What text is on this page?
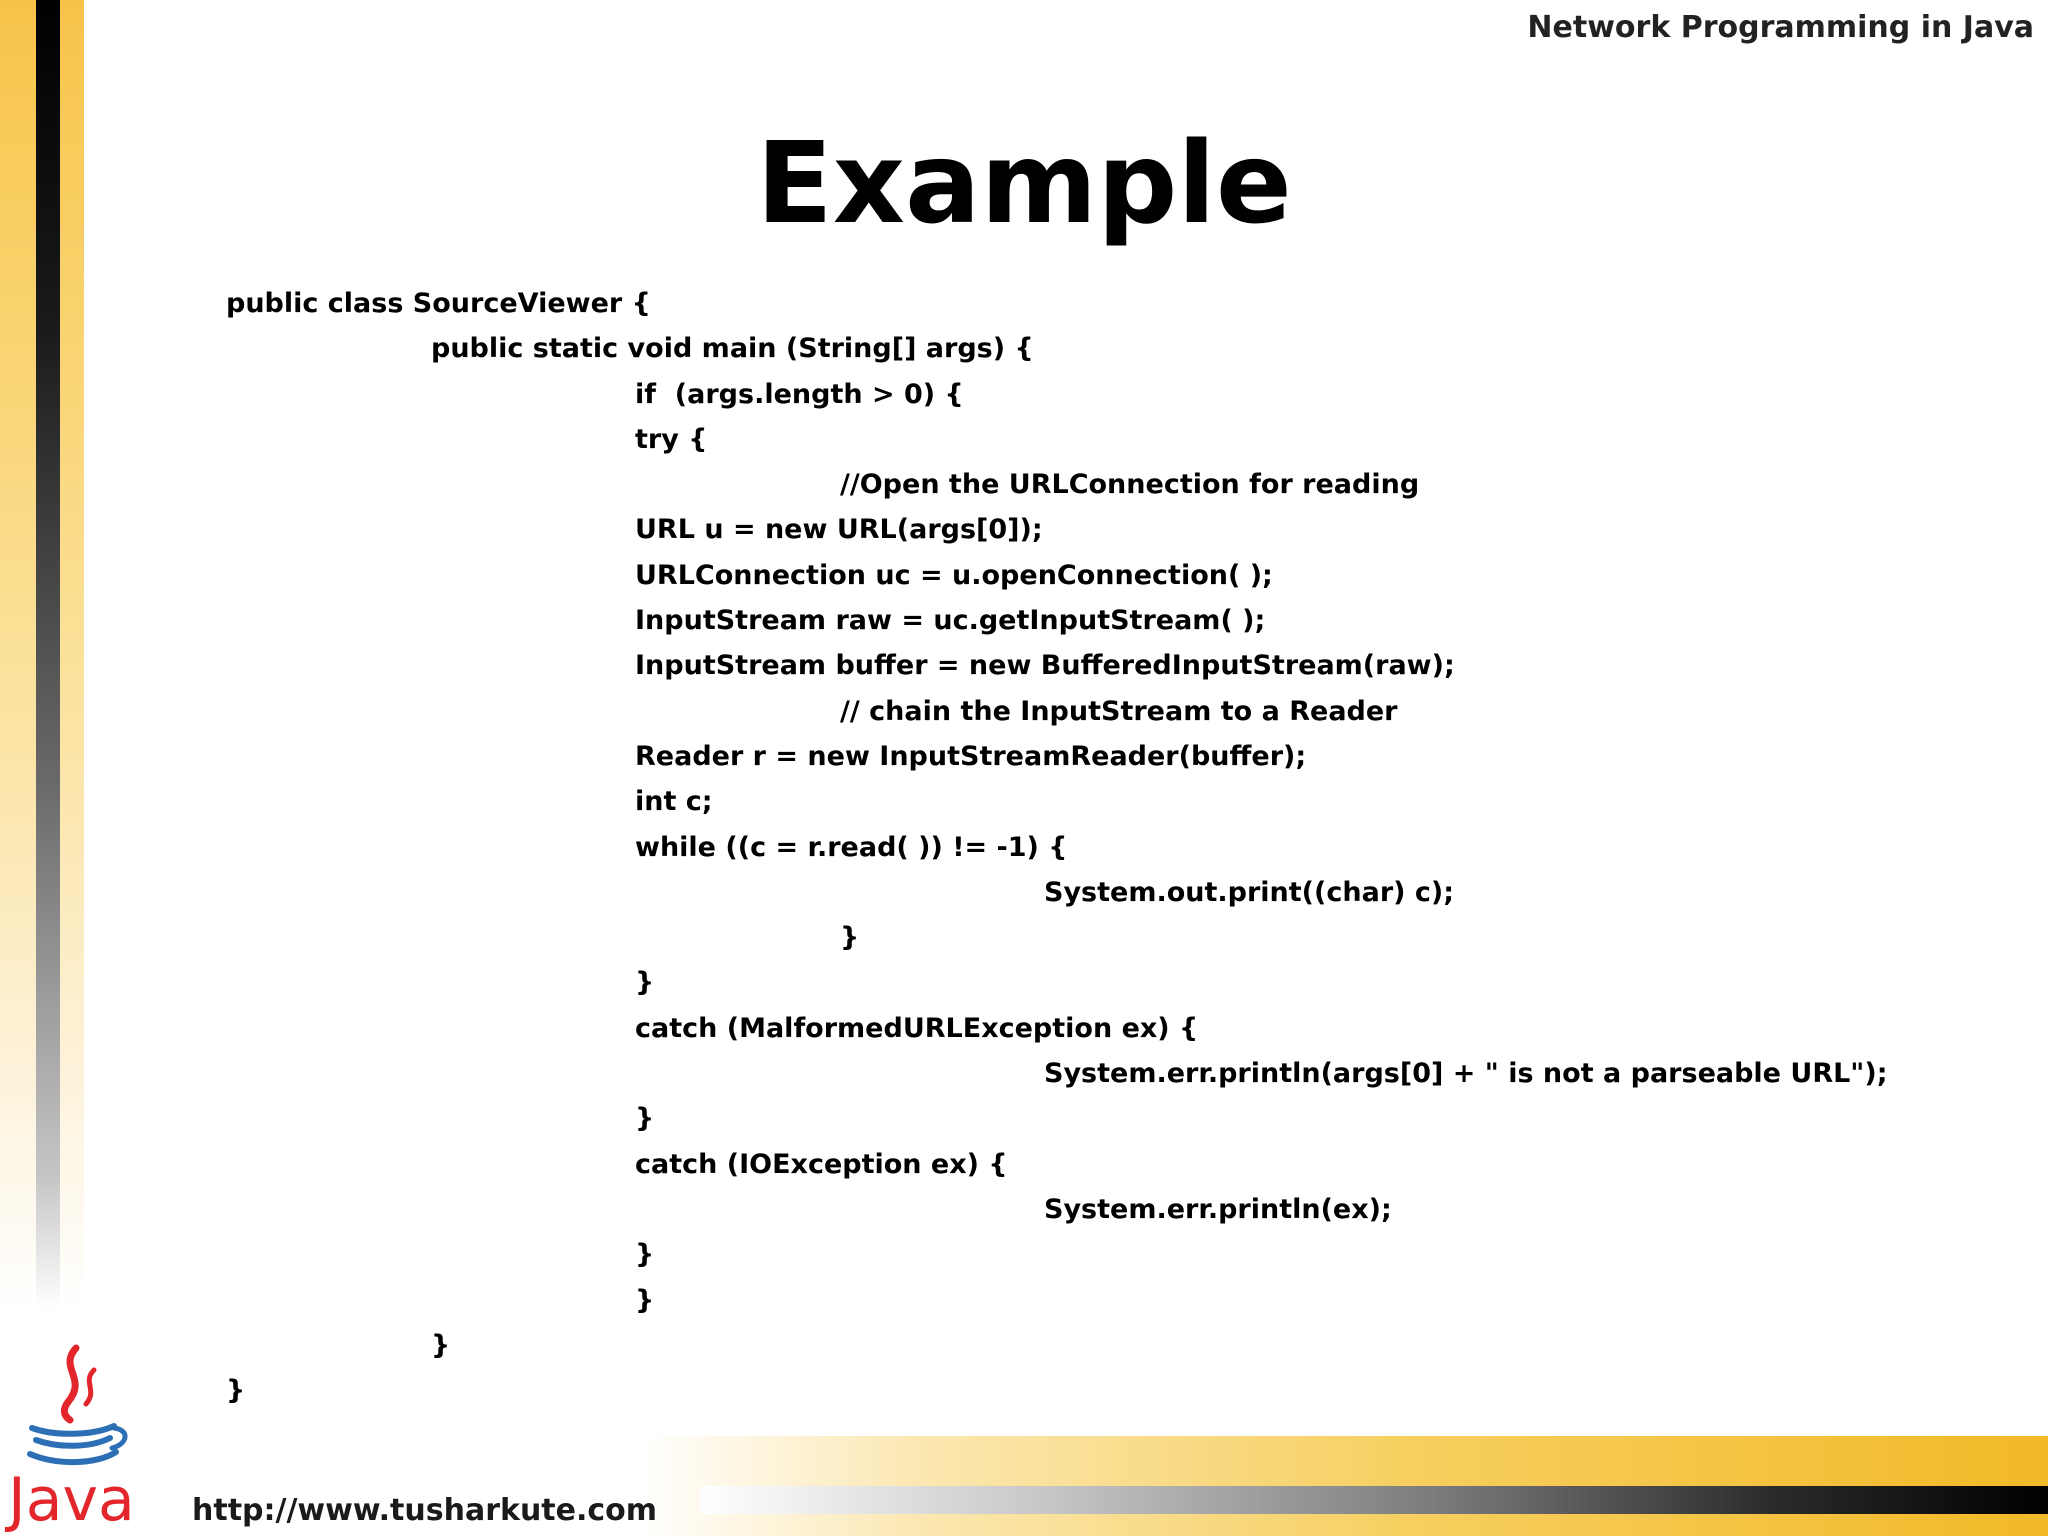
Network Programming in Java
Example
public class SourceViewer {
public static void main (String[] args) {
if  (args.length > 0) {
try {
//Open the URLConnection for reading
URL u = new URL(args[0]);
URLConnection uc = u.openConnection( );
InputStream raw = uc.getInputStream( );
InputStream buffer = new BufferedInputStream(raw);
// chain the InputStream to a Reader
Reader r = new InputStreamReader(buffer);
int c;
while ((c = r.read( )) != -1) {
System.out.print((char) c);
}
}
catch (MalformedURLException ex) {
System.err.println(args[0] + " is not a parseable URL");
}
catch (IOException ex) {
System.err.println(ex);
}
}
}
}
Java http://www.tusharkute.com
